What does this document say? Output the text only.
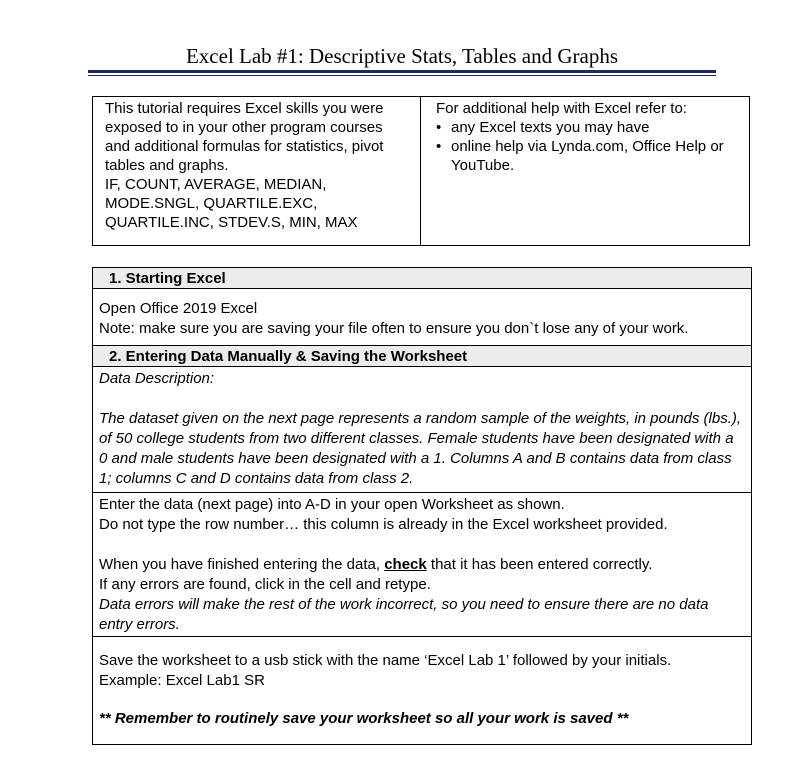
Excel Lab #1: Descriptive Stats, Tables and Graphs

This tutorial requires Excel skills you were

exposed to in your other program courses

and additional formulas for statistics, pivot

tables and graphs.

IF, COUNT, AVERAGE, MEDIAN,

MODE.SNGL, QUARTILE.EXC,

QUARTILE.INC, STDEV.S, MIN, MAX

For additional help with Excel refer to:

• any Excel texts you may have
• online help via Lynda.com, Office Help or YouTube.
1. Starting Excel

Open Office 2019 Excel

Note: make sure you are saving your file often to ensure you don`t lose any of your work.

2. Entering Data Manually & Saving the Worksheet

Data Description:

The dataset given on the next page represents a random sample of the weights, in pounds (lbs.), of 50 college students from two different classes. Female students have been designated with a 0 and male students have been designated with a 1. Columns A and B contains data from class 1; columns C and D contains data from class 2.

Enter the data (next page) into A-D in your open Worksheet as shown.

Do not type the row number… this column is already in the Excel worksheet provided.

When you have finished entering the data, check that it has been entered correctly.

If any errors are found, click in the cell and retype.

Data errors will make the rest of the work incorrect, so you need to ensure there are no data entry errors.

Save the worksheet to a usb stick with the name ‘Excel Lab 1’ followed by your initials.

Example: Excel Lab1 SR

** Remember to routinely save your worksheet so all your work is saved **
